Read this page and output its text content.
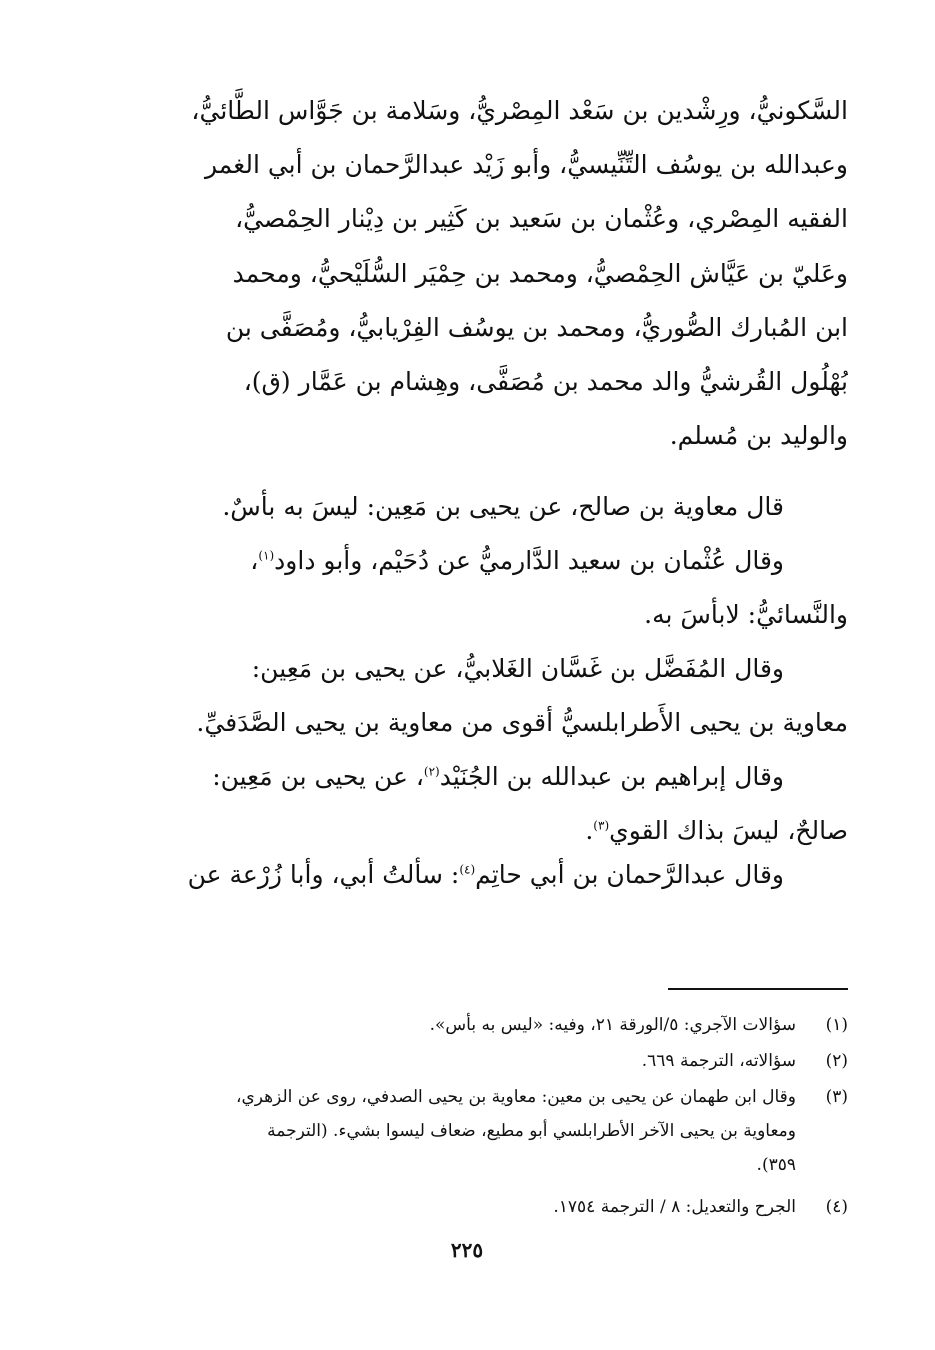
السَّكونيُّ، ورِشْدين بن سَعْد المِصْريُّ، وسَلامة بن جَوَّاس الطَّائيُّ،
وعبدالله بن يوسُف التِّنِّيسيُّ، وأبو زَيْد عبدالرَّحمان بن أبي الغمر
الفقيه المِصْري، وعُثْمان بن سَعيد بن كَثِير بن دِيْنار الحِمْصيُّ،
وعَليّ بن عَيَّاش الحِمْصيُّ، ومحمد بن حِمْيَر السُّلَيْحيُّ، ومحمد
ابن المُبارك الصُّوريُّ، ومحمد بن يوسُف الفِرْيابيُّ، ومُصَفَّى بن
بُهْلُول القُرشيُّ والد محمد بن مُصَفَّى، وهِشام بن عَمَّار (ق)،
والوليد بن مُسلم.
قال معاوية بن صالح، عن يحيى بن مَعِين: ليسَ به بأسٌ.
وقال عُثْمان بن سعيد الدَّارميُّ عن دُحَيْم، وأبو داود$^{(١)}$،
والنَّسائيُّ: لابأسَ به.
وقال المُفَضَّل بن غَسَّان الغَلابيُّ، عن يحيى بن مَعِين:
معاوية بن يحيى الأَطرابلسيُّ أقوى من معاوية بن يحيى الصَّدَفيِّ.
وقال إبراهيم بن عبدالله بن الجُنَيْد$^{(٢)}$، عن يحيى بن مَعِين:
صالحٌ، ليسَ بذاك القوي$^{(٣)}$.
وقال عبدالرَّحمان بن أبي حاتِم$^{(٤)}$: سألتُ أبي، وأبا زُرْعة عن
(١)
سؤالات الآجري: ٥/الورقة ٢١، وفيه: «ليس به بأس».
(٢)
سؤالاته، الترجمة ٦٦٩.
(٣)
وقال ابن طهمان عن يحيى بن معين: معاوية بن يحيى الصدفي، روى عن الزهري،
ومعاوية بن يحيى الآخر الأطرابلسي أبو مطيع، ضعاف ليسوا بشيء. (الترجمة
٣٥٩).
(٤)
الجرح والتعديل: ٨ / الترجمة ١٧٥٤.
٢٢٥
